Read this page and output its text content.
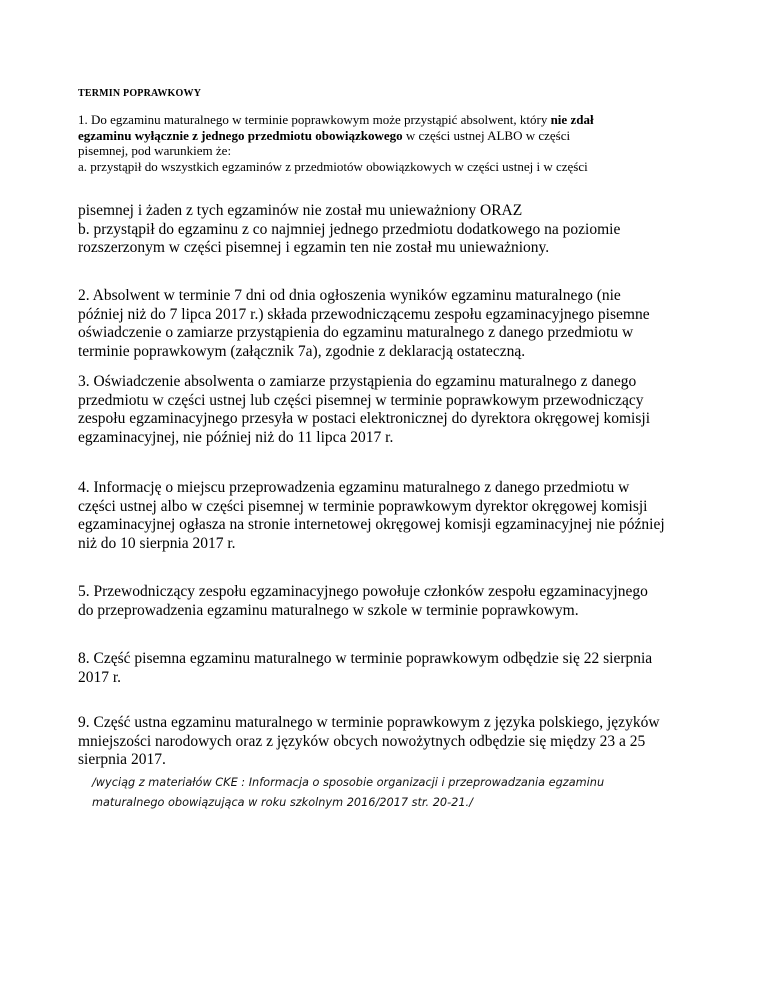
TERMIN POPRAWKOWY
1. Do egzaminu maturalnego w terminie poprawkowym może przystąpić absolwent, który nie zdał
egzaminu wyłącznie z jednego przedmiotu obowiązkowego w części ustnej ALBO w części
pisemnej, pod warunkiem że:
a. przystąpił do wszystkich egzaminów z przedmiotów obowiązkowych w części ustnej i w części
pisemnej i żaden z tych egzaminów nie został mu unieważniony ORAZ
b. przystąpił do egzaminu z co najmniej jednego przedmiotu dodatkowego na poziomie
rozszerzonym w części pisemnej i egzamin ten nie został mu unieważniony.
2. Absolwent w terminie 7 dni od dnia ogłoszenia wyników egzaminu maturalnego (nie
później niż do 7 lipca 2017 r.) składa przewodniczącemu zespołu egzaminacyjnego pisemne
oświadczenie o zamiarze przystąpienia do egzaminu maturalnego z danego przedmiotu w
terminie poprawkowym (załącznik 7a), zgodnie z deklaracją ostateczną.
3. Oświadczenie absolwenta o zamiarze przystąpienia do egzaminu maturalnego z danego
przedmiotu w części ustnej lub części pisemnej w terminie poprawkowym przewodniczący
zespołu egzaminacyjnego przesyła w postaci elektronicznej do dyrektora okręgowej komisji
egzaminacyjnej, nie później niż do 11 lipca 2017 r.
4. Informację o miejscu przeprowadzenia egzaminu maturalnego z danego przedmiotu w
części ustnej albo w części pisemnej w terminie poprawkowym dyrektor okręgowej komisji
egzaminacyjnej ogłasza na stronie internetowej okręgowej komisji egzaminacyjnej nie później
niż do 10 sierpnia 2017 r.
5. Przewodniczący zespołu egzaminacyjnego powołuje członków zespołu egzaminacyjnego
do przeprowadzenia egzaminu maturalnego w szkole w terminie poprawkowym.
8. Część pisemna egzaminu maturalnego w terminie poprawkowym odbędzie się 22 sierpnia
2017 r.
9. Część ustna egzaminu maturalnego w terminie poprawkowym z języka polskiego, języków
mniejszości narodowych oraz z języków obcych nowożytnych odbędzie się między 23 a 25
sierpnia 2017.
/wyciąg z materiałów CKE : Informacja o sposobie organizacji i przeprowadzania egzaminu
maturalnego obowiązująca w roku szkolnym 2016/2017 str. 20-21./
